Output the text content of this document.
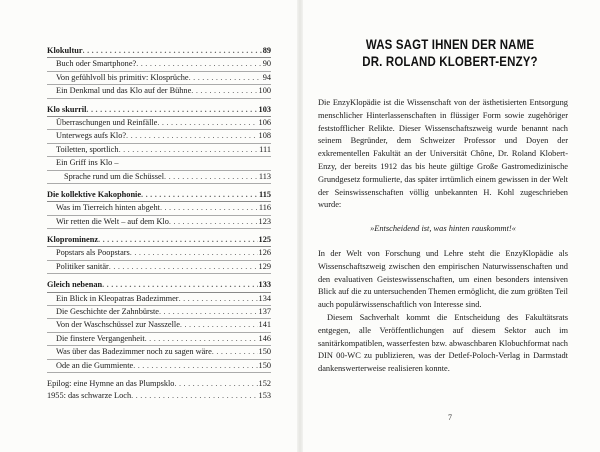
Klokultur . . .	89
Buch oder Smartphone? . . .	90
Von gefühlvoll bis primitiv: Klosprüche . . .	94
Ein Denkmal und das Klo auf der Bühne . . .	100
Klo skurril . . .	103
Überraschungen und Reinfälle . . .	106
Unterwegs aufs Klo? . . .	108
Toiletten, sportlich . . .	111
Ein Griff ins Klo –
Sprache rund um die Schüssel . . .	113
Die kollektive Kakophonie . . .	115
Was im Tierreich hinten abgeht . . .	116
Wir retten die Welt – auf dem Klo . . .	123
Kloprominenz . . .	125
Popstars als Poopstars . . .	126
Politiker sanitär . . .	129
Gleich nebenan . . .	133
Ein Blick in Kleopatras Badezimmer . . .	134
Die Geschichte der Zahnbürste . . .	137
Von der Waschschüssel zur Nasszelle . . .	141
Die finstere Vergangenheit . . .	146
Was über das Badezimmer noch zu sagen wäre . . .	150
Ode an die Gummiente . . .	150
Epilog: eine Hymne an das Plumpsklo . . .	152
1955: das schwarze Loch . . .	153
WAS SAGT IHNEN DER NAME
DR. ROLAND KLOBERT-ENZY?

Die EnzyKlopädie ist die Wissenschaft von der ästhetisierten Entsorgung menschlicher Hinterlassenschaften in flüssiger Form sowie zugehöriger feststofflicher Relikte. Dieser Wissenschaftszweig wurde benannt nach seinem Begründer, dem Schweizer Professor und Doyen der exkrementellen Fakultät an der Universität Chône, Dr. Roland Klobert-Enzy, der bereits 1912 das bis heute gültige Große Gastromedizinische Grundgesetz formulierte, das später irrtümlich einem gewissen in der Welt der Seinswissenschaften völlig unbekannten H. Kohl zugeschrieben wurde:

»Entscheidend ist, was hinten rauskommt!«

In der Welt von Forschung und Lehre steht die EnzyKlopädie als Wissenschaftszweig zwischen den empirischen Naturwissenschaften und den evaluativen Geisteswissenschaften, um einen besonders intensiven Blick auf die zu untersuchenden Themen ermöglicht, die zum größten Teil auch populärwissenschaftlich von Interesse sind.

Diesem Sachverhalt kommt die Entscheidung des Fakultätsrats entgegen, alle Veröffentlichungen auf diesem Sektor auch im sanitärkompatiblen, wasserfesten bzw. abwaschbaren Klobuchformat nach DIN 00-WC zu publizieren, was der Detlef-Poloch-Verlag in Darmstadt dankenswerterweise realisieren konnte.

7
